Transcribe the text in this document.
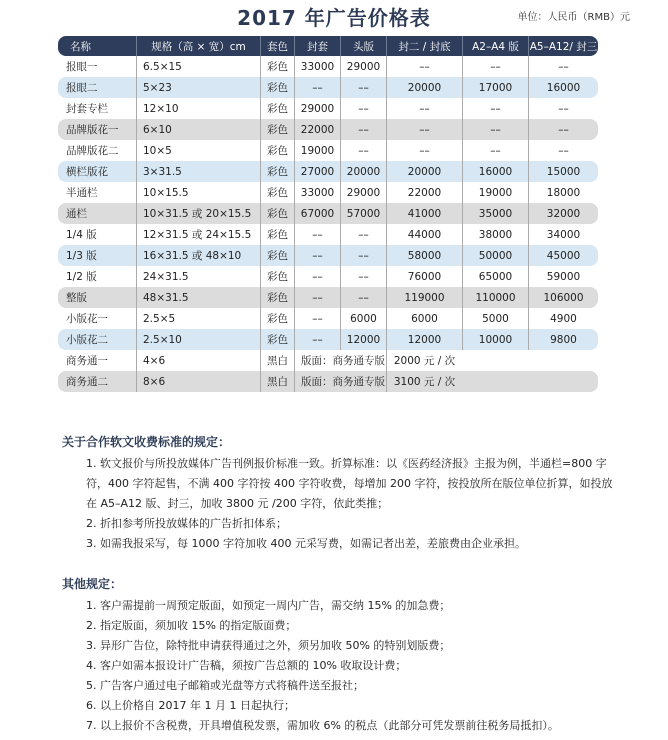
2017 年广告价格表	单位：人民币（RMB）元
名称	规格（高 × 宽）cm	套色	封套	头版	封二 / 封底	A2–A4 版	A5–A12/ 封三
报眼一	6.5×15	彩色	33000	29000	––	––	––
报眼二	5×23	彩色	––	––	20000	17000	16000
封套专栏	12×10	彩色	29000	––	––	––	––
品牌版花一	6×10	彩色	22000	––	––	––	––
品牌版花二	10×5	彩色	19000	––	––	––	––
横栏版花	3×31.5	彩色	27000	20000	20000	16000	15000
半通栏	10×15.5	彩色	33000	29000	22000	19000	18000
通栏	10×31.5 或 20×15.5	彩色	67000	57000	41000	35000	32000
1/4 版	12×31.5 或 24×15.5	彩色	––	––	44000	38000	34000
1/3 版	16×31.5 或 48×10	彩色	––	––	58000	50000	45000
1/2 版	24×31.5	彩色	––	––	76000	65000	59000
整版	48×31.5	彩色	––	––	119000	110000	106000
小版花一	2.5×5	彩色	––	6000	6000	5000	4900
小版花二	2.5×10	彩色	––	12000	12000	10000	9800
商务通一	4×6	黑白	版面：商务通专版		2000 元 / 次		
商务通二	8×6	黑白	版面：商务通专版		3100 元 / 次		
关于合作软文收费标准的规定：

1. 软文报价与所投放媒体广告刊例报价标准一致。折算标准：以《医药经济报》主报为例，半通栏=800 字符，400 字符起售，不满 400 字符按 400 字符收费，每增加 200 字符，按投放所在版位单位折算，如投放在 A5–A12 版、封三，加收 3800 元 /200 字符，依此类推；

2. 折扣参考所投放媒体的广告折扣体系；

3. 如需我报采写，每 1000 字符加收 400 元采写费，如需记者出差，差旅费由企业承担。

其他规定：

1. 客户需提前一周预定版面，如预定一周内广告，需交纳 15% 的加急费；

2. 指定版面，须加收 15% 的指定版面费；

3. 异形广告位，除特批申请获得通过之外，须另加收 50% 的特别划版费；

4. 客户如需本报设计广告稿，须按广告总额的 10% 收取设计费；

5. 广告客户通过电子邮箱或光盘等方式将稿件送至报社；

6. 以上价格自 2017 年 1 月 1 日起执行；

7. 以上报价不含税费，开具增值税发票，需加收 6% 的税点（此部分可凭发票前往税务局抵扣）。
